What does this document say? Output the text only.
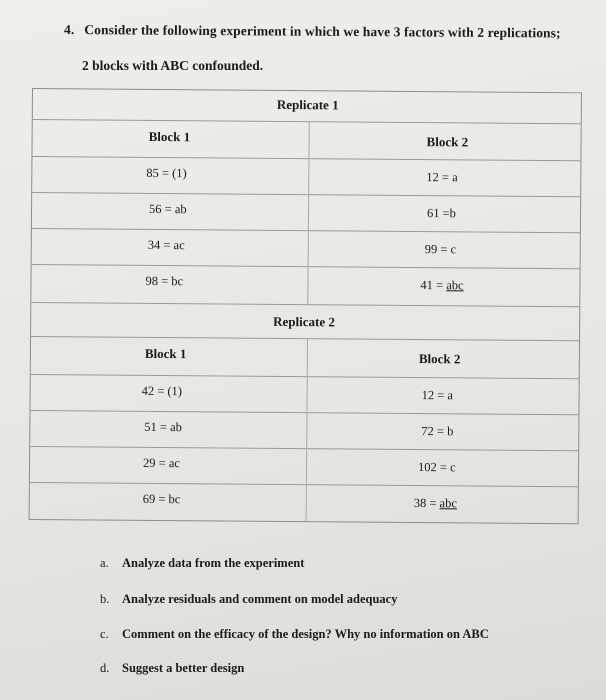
4. Consider the following experiment in which we have 3 factors with 2 replications;
2 blocks with ABC confounded.
Replicate 1
Block 1	Block 2
85 = (1)	12 = a
56 = ab	61 =b
34 = ac	99 = c
98 = bc	41 = abc
Replicate 2
Block 1	Block 2
42 = (1)	12 = a
51 = ab	72 = b
29 = ac	102 = c
69 = bc	38 = abc
a. Analyze data from the experiment
b. Analyze residuals and comment on model adequacy
c. Comment on the efficacy of the design? Why no information on ABC
d. Suggest a better design
